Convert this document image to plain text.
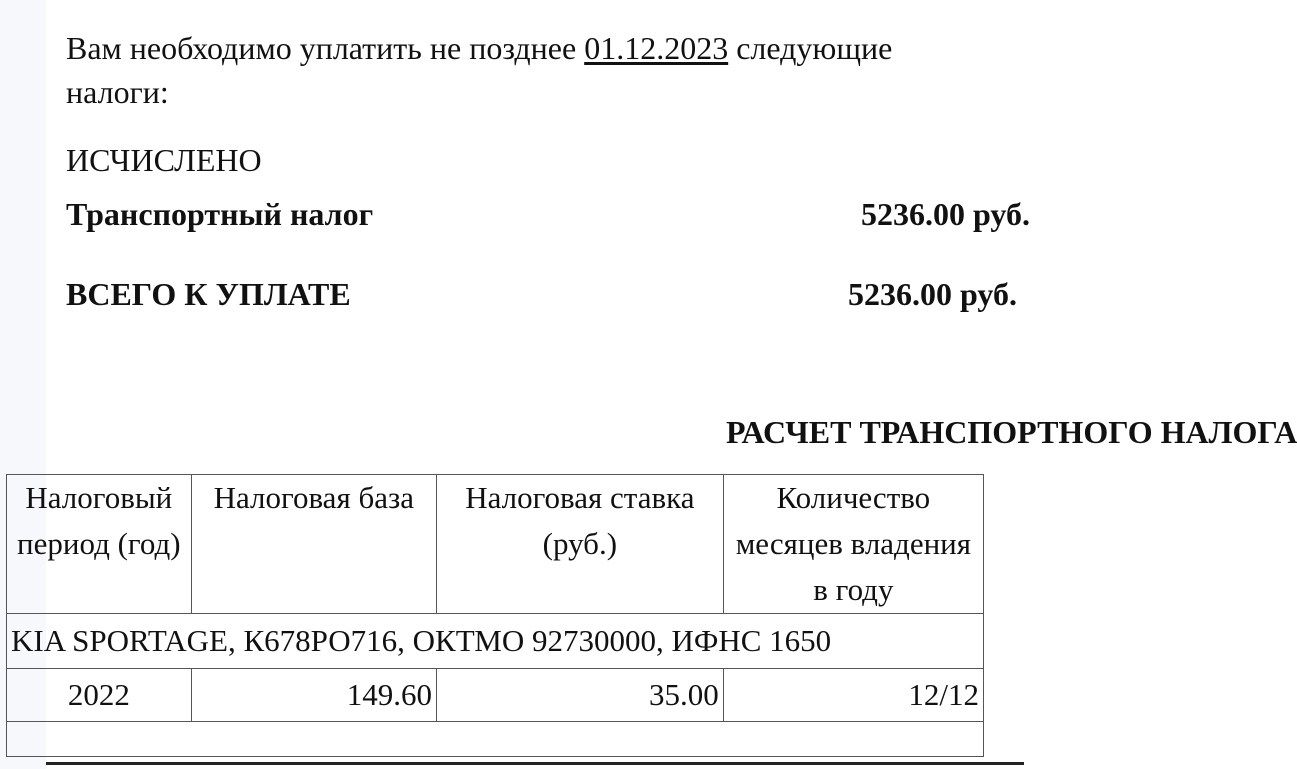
Вам необходимо уплатить не позднее 01.12.2023 следующие
налоги:

ИСЧИСЛЕНО

Транспортный налог	5236.00 руб.
ВСЕГО К УПЛАТЕ	5236.00 руб.

РАСЧЕТ ТРАНСПОРТНОГО НАЛОГА

Налоговый период (год)	Налоговая база	Налоговая ставка (руб.)	Количество месяцев владения в году
KIA SPORTAGE, К678РО716, ОКТМО 92730000, ИФНС 1650			
2022	149.60	35.00	12/12
